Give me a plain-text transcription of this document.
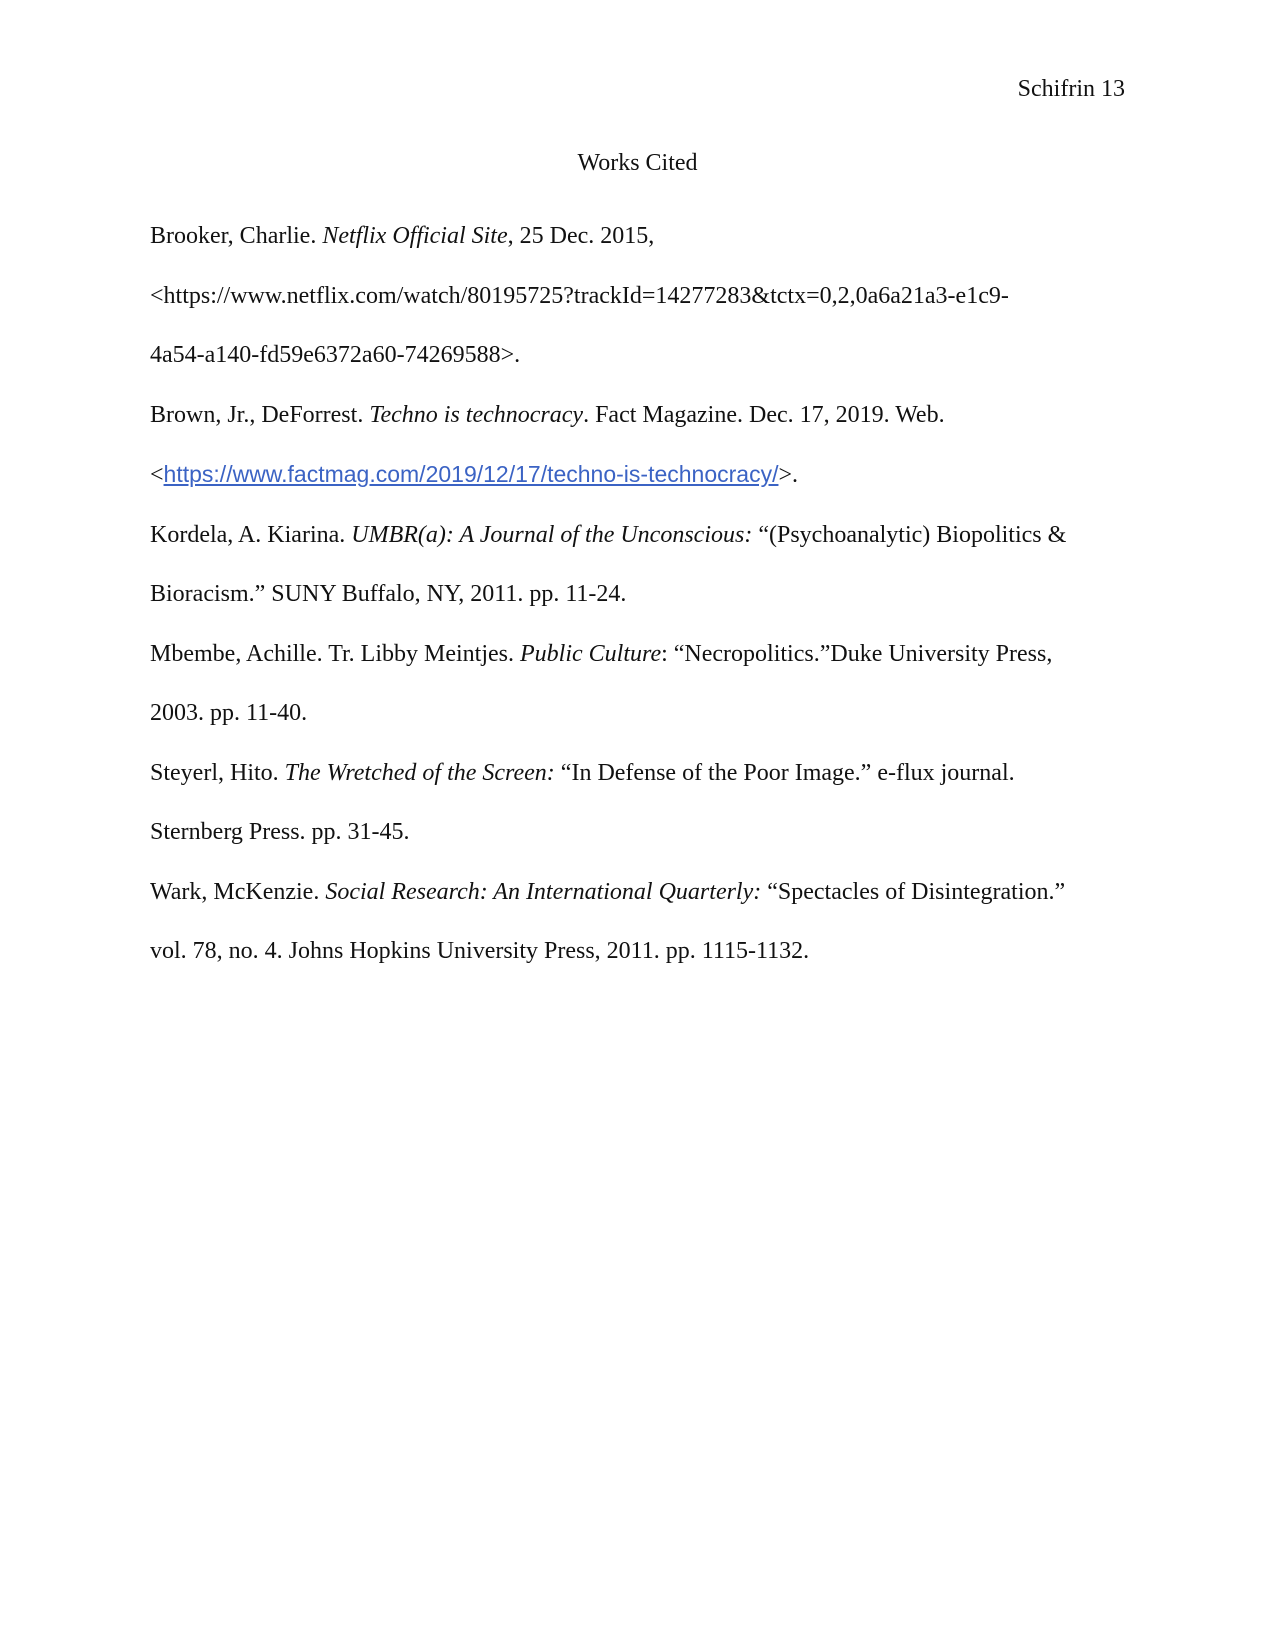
Schifrin 13
Works Cited

Brooker, Charlie. Netflix Official Site, 25 Dec. 2015,
<https://www.netflix.com/watch/80195725?trackId=14277283&tctx=0,2,0a6a21a3-e1c9-
4a54-a140-fd59e6372a60-74269588>.

Brown, Jr., DeForrest. Techno is technocracy. Fact Magazine. Dec. 17, 2019. Web.
<https://www.factmag.com/2019/12/17/techno-is-technocracy/>.

Kordela, A. Kiarina. UMBR(a): A Journal of the Unconscious: “(Psychoanalytic) Biopolitics &
Bioracism.” SUNY Buffalo, NY, 2011. pp. 11-24.

Mbembe, Achille. Tr. Libby Meintjes. Public Culture: “Necropolitics.”Duke University Press,
2003. pp. 11-40.

Steyerl, Hito. The Wretched of the Screen: “In Defense of the Poor Image.” e-flux journal.
Sternberg Press. pp. 31-45.

Wark, McKenzie. Social Research: An International Quarterly: “Spectacles of Disintegration.”
vol. 78, no. 4. Johns Hopkins University Press, 2011. pp. 1115-1132.
